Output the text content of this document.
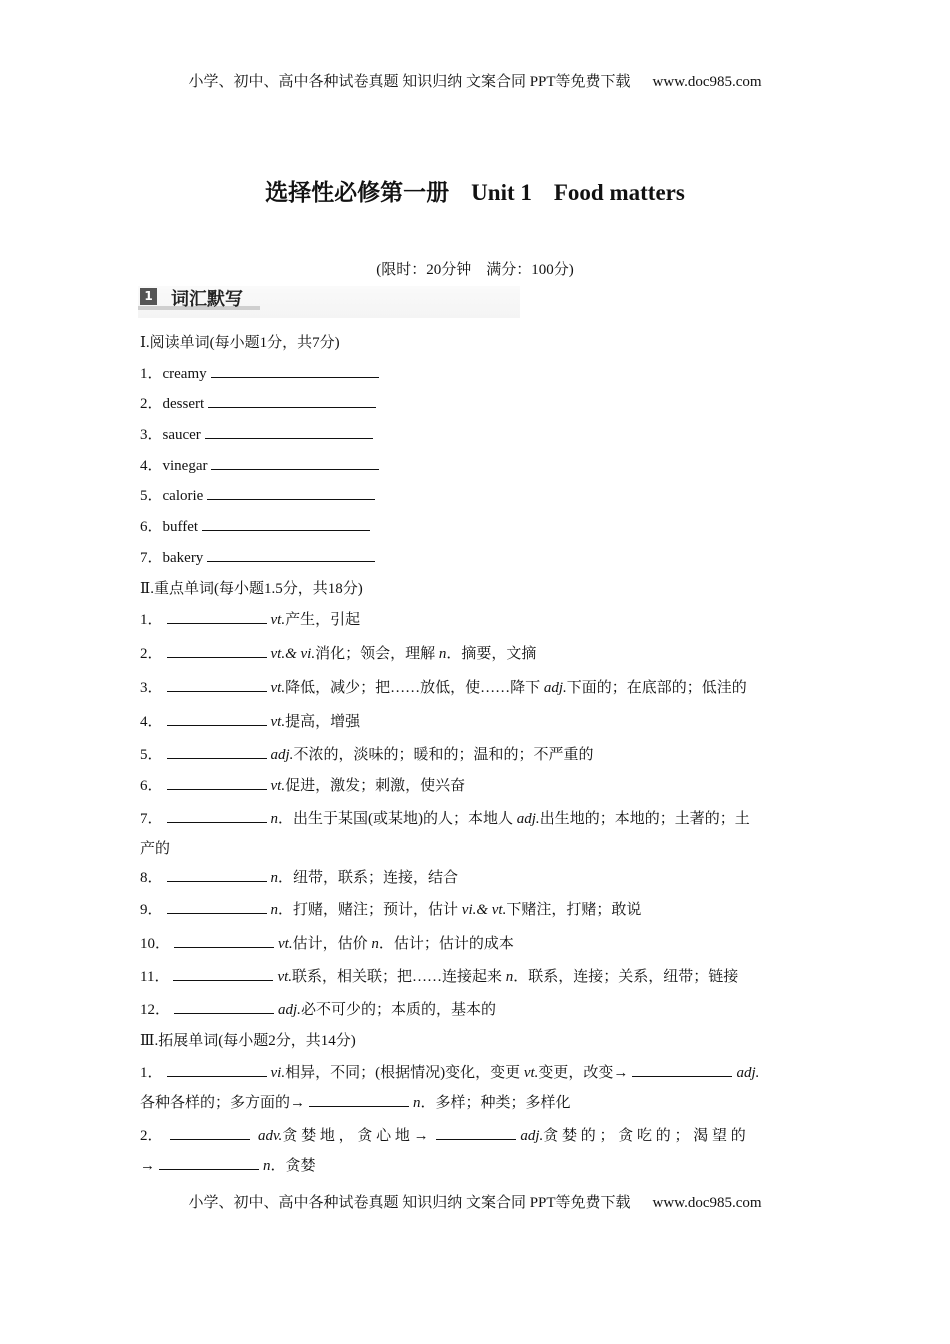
小学、初中、高中各种试卷真题 知识归纳 文案合同 PPT等免费下载 www.doc985.com
选择性必修第一册 Unit 1 Food matters
(限时：20分钟　满分：100分)
1 词汇默写
Ⅰ.阅读单词(每小题1分，共7分)
1．creamy
2．dessert
3．saucer
4．vinegar
5．calorie
6．buffet
7．bakery
Ⅱ.重点单词(每小题1.5分，共18分)
1．	vt.产生，引起
2．	vt.& vi.消化；领会，理解 n．摘要，文摘
3．	vt.降低，减少；把……放低，使……降下 adj.下面的；在底部的；低洼的
4．	vt.提高，增强
5．	adj.不浓的，淡味的；暖和的；温和的；不严重的
6．	vt.促进，激发；刺激，使兴奋
7．	n．出生于某国(或某地)的人；本地人 adj.出生地的；本地的；土著的；土
产的
8．	n．纽带，联系；连接，结合
9．	n．打赌，赌注；预计，估计 vi.& vt.下赌注，打赌；敢说
10．	vt.估计，估价 n．估计；估计的成本
11．	vt.联系，相关联；把……连接起来 n．联系，连接；关系，纽带；链接
12．	adj.必不可少的；本质的，基本的
Ⅲ.拓展单词(每小题2分，共14分)
1．	vi.相异，不同；(根据情况)变化，变更 vt.变更，改变→	adj.
各种各样的；多方面的→	n．多样；种类；多样化
2．	adv.贪 婪 地 ， 贪 心 地 →	adj.贪 婪 的 ； 贪 吃 的 ； 渴 望 的
→	n．贪婪
小学、初中、高中各种试卷真题 知识归纳 文案合同 PPT等免费下载 www.doc985.com
